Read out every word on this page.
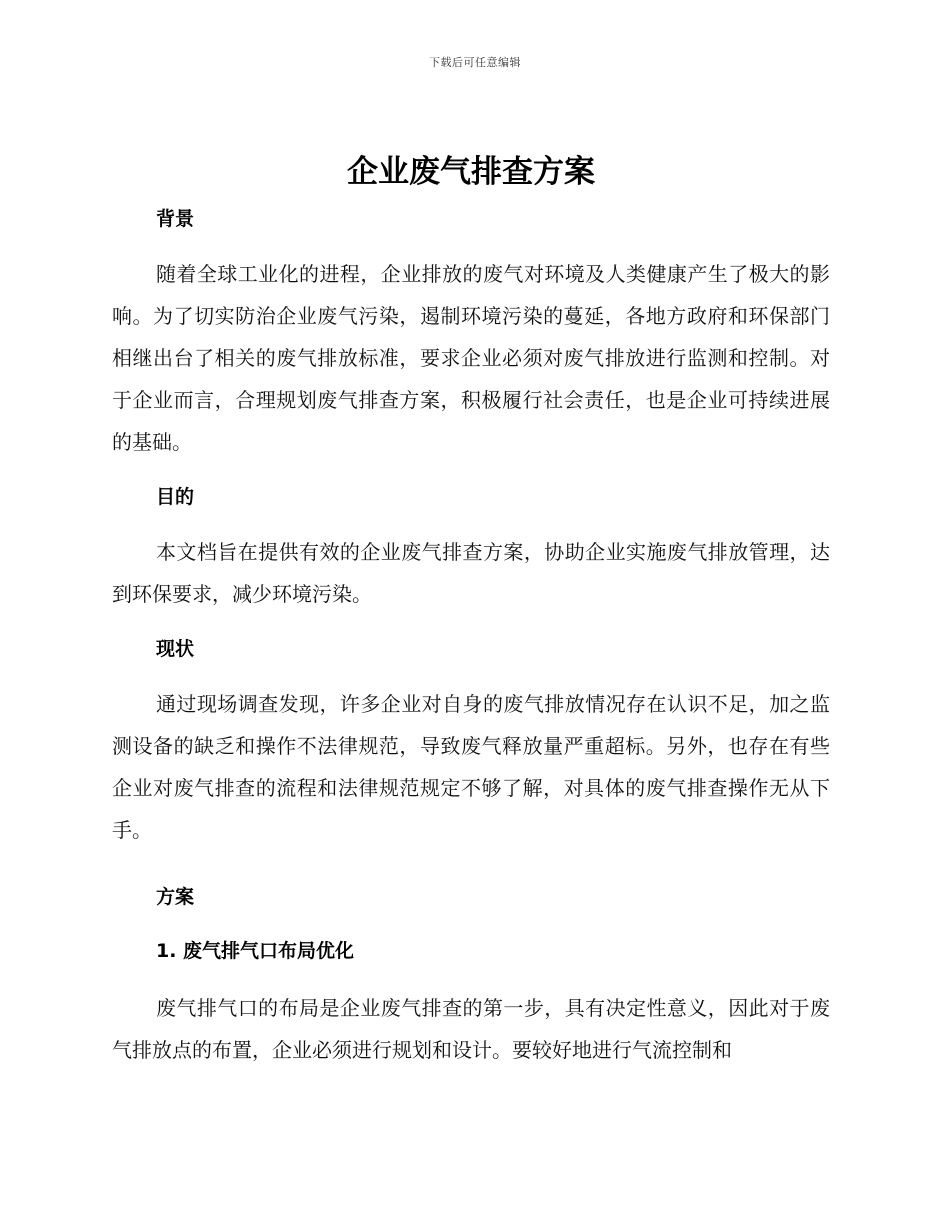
下载后可任意编辑
企业废气排查方案
背景

随着全球工业化的进程，企业排放的废气对环境及人类健康产生了极大的影响。为了切实防治企业废气污染，遏制环境污染的蔓延，各地方政府和环保部门相继出台了相关的废气排放标准，要求企业必须对废气排放进行监测和控制。对于企业而言，合理规划废气排查方案，积极履行社会责任，也是企业可持续进展的基础。

目的

本文档旨在提供有效的企业废气排查方案，协助企业实施废气排放管理，达到环保要求，减少环境污染。

现状

通过现场调查发现，许多企业对自身的废气排放情况存在认识不足，加之监测设备的缺乏和操作不法律规范，导致废气释放量严重超标。另外，也存在有些企业对废气排查的流程和法律规范规定不够了解，对具体的废气排查操作无从下手。

方案
1. 废气排气口布局优化

废气排气口的布局是企业废气排查的第一步，具有决定性意义，因此对于废气排放点的布置，企业必须进行规划和设计。要较好地进行气流控制和
